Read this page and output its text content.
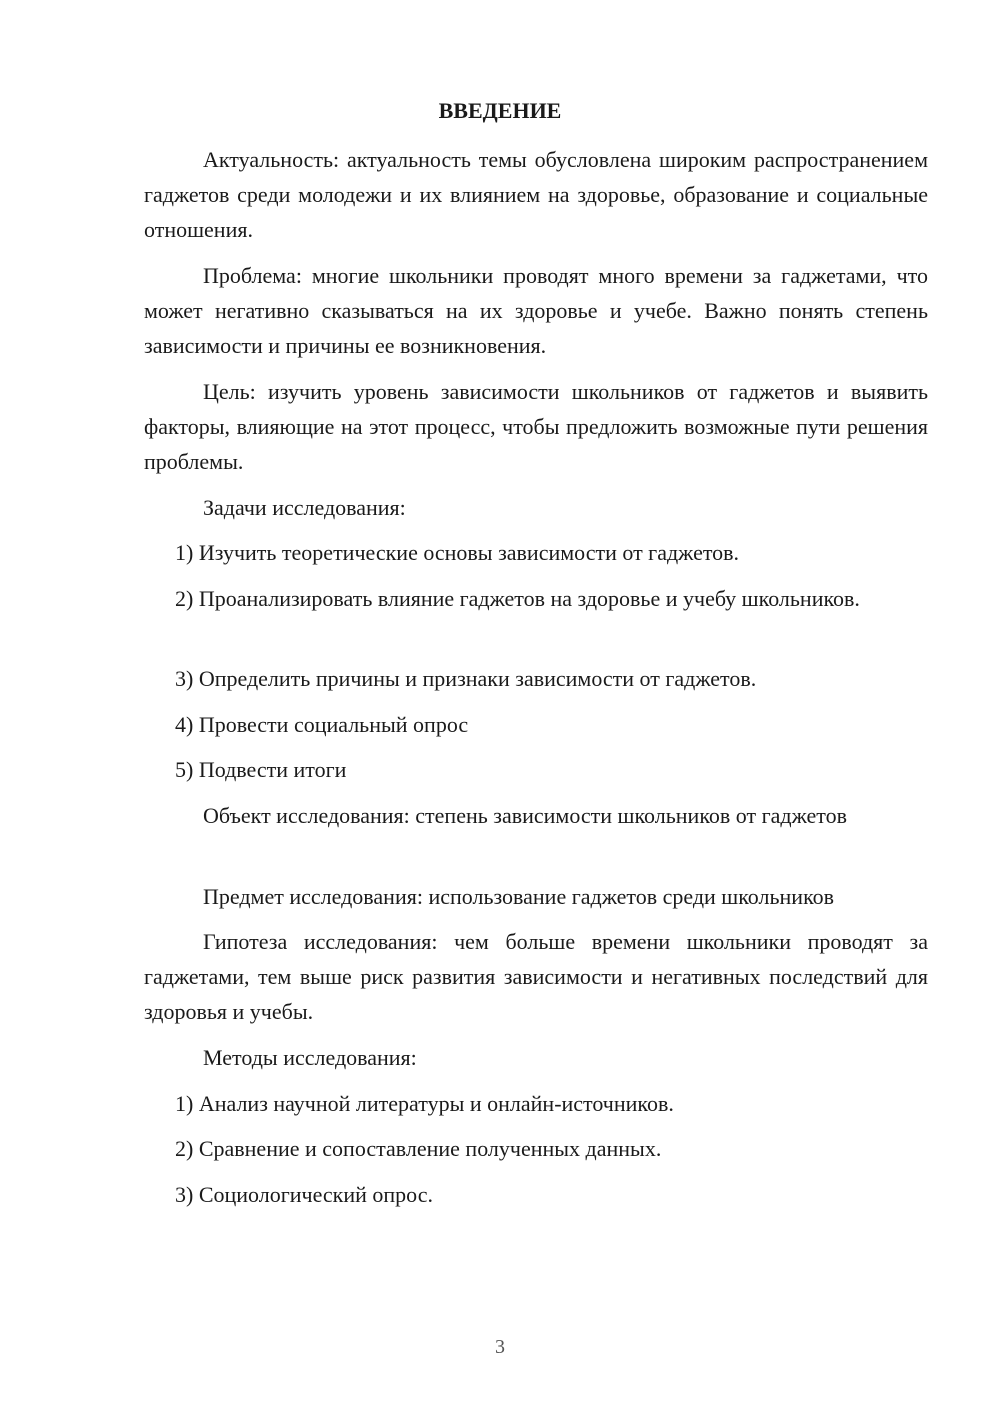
ВВЕДЕНИЕ
Актуальность: актуальность темы обусловлена широким распространением гаджетов среди молодежи и их влиянием на здоровье, образование и социальные отношения.
Проблема: многие школьники проводят много времени за гаджетами, что может негативно сказываться на их здоровье и учебе. Важно понять степень зависимости и причины ее возникновения.
Цель: изучить уровень зависимости школьников от гаджетов и выявить факторы, влияющие на этот процесс, чтобы предложить возможные пути решения проблемы.
Задачи исследования:
1) Изучить теоретические основы зависимости от гаджетов.
2) Проанализировать влияние гаджетов на здоровье и учебу школьников.
3) Определить причины и признаки зависимости от гаджетов.
4) Провести социальный опрос
5) Подвести итоги
Объект исследования: степень зависимости школьников от гаджетов
Предмет исследования: использование гаджетов среди школьников
Гипотеза исследования: чем больше времени школьники проводят за гаджетами, тем выше риск развития зависимости и негативных последствий для здоровья и учебы.
Методы исследования:
1) Анализ научной литературы и онлайн-источников.
2) Сравнение и сопоставление полученных данных.
3) Социологический опрос.
3
